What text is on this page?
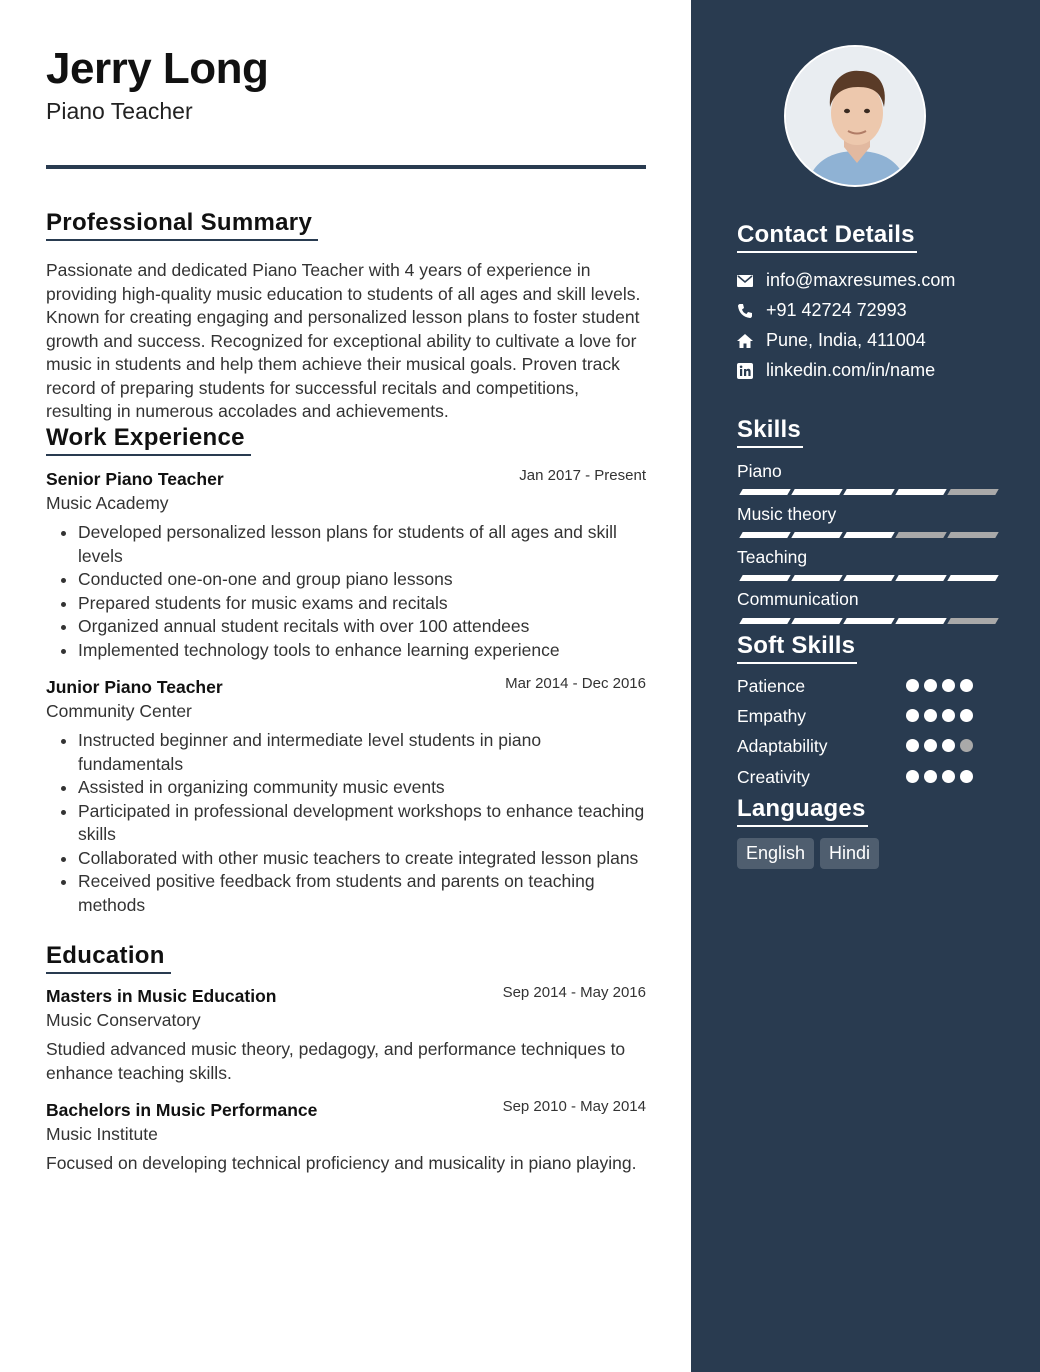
Jerry Long
Piano Teacher
Professional Summary

Passionate and dedicated Piano Teacher with 4 years of experience in providing high-quality music education to students of all ages and skill levels. Known for creating engaging and personalized lesson plans to foster student growth and success. Recognized for exceptional ability to cultivate a love for music in students and help them achieve their musical goals. Proven track record of preparing students for successful recitals and competitions, resulting in numerous accolades and achievements.

Work Experience
Senior Piano Teacher	Jan 2017 - Present
Music Academy
• Developed personalized lesson plans for students of all ages and skill levels
• Conducted one-on-one and group piano lessons
• Prepared students for music exams and recitals
• Organized annual student recitals with over 100 attendees
• Implemented technology tools to enhance learning experience
Junior Piano Teacher	Mar 2014 - Dec 2016
Community Center
• Instructed beginner and intermediate level students in piano fundamentals
• Assisted in organizing community music events
• Participated in professional development workshops to enhance teaching skills
• Collaborated with other music teachers to create integrated lesson plans
• Received positive feedback from students and parents on teaching methods
Education
Masters in Music Education	Sep 2014 - May 2016
Music Conservatory

Studied advanced music theory, pedagogy, and performance techniques to enhance teaching skills.

Bachelors in Music Performance	Sep 2010 - May 2014
Music Institute

Focused on developing technical proficiency and musicality in piano playing.

Contact Details
info@maxresumes.com
+91 42724 72993
Pune, India, 411004
linkedin.com/in/name
Skills
Piano
Music theory
Teaching
Communication
Soft Skills
Patience
Empathy
Adaptability
Creativity
Languages
English	Hindi
